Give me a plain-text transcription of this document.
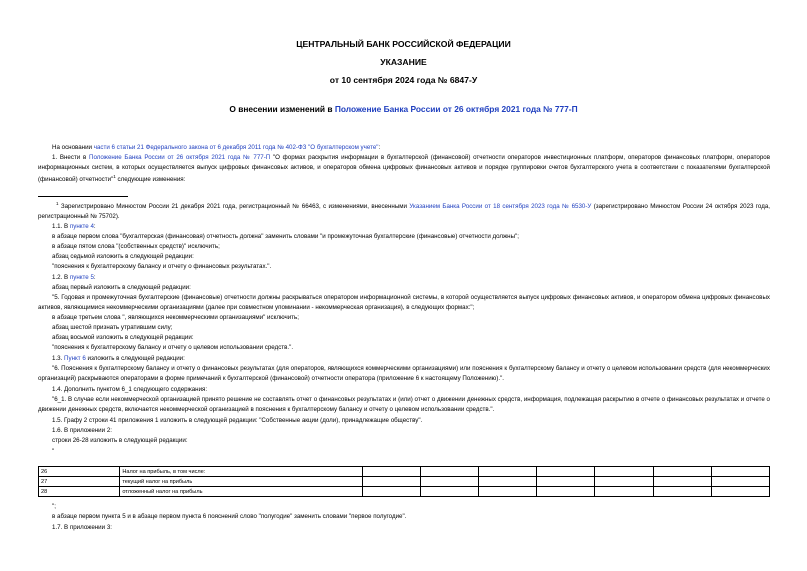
ЦЕНТРАЛЬНЫЙ БАНК РОССИЙСКОЙ ФЕДЕРАЦИИ
УКАЗАНИЕ
от 10 сентября 2024 года № 6847-У
О внесении изменений в Положение Банка России от 26 октября 2021 года № 777-П
На основании части 6 статьи 21 Федерального закона от 6 декабря 2011 года № 402-ФЗ "О бухгалтерском учете":
1. Внести в Положение Банка России от 26 октября 2021 года № 777-П "О формах раскрытия информации в бухгалтерской (финансовой) отчетности операторов инвестиционных платформ, операторов финансовых платформ, операторов информационных систем, в которых осуществляется выпуск цифровых финансовых активов, и операторов обмена цифровых финансовых активов и порядке группировки счетов бухгалтерского учета в соответствии с показателями бухгалтерской (финансовой) отчетности"$^1$ следующие изменения:
$^1$ Зарегистрировано Минюстом России 21 декабря 2021 года, регистрационный № 66463, с изменениями, внесенными Указанием Банка России от 18 сентября 2023 года № 6530-У (зарегистрировано Минюстом России 24 октября 2023 года, регистрационный № 75702).
1.1. В пункте 4:
в абзаце первом слова "бухгалтерская (финансовая) отчетность должна" заменить словами "и промежуточная бухгалтерские (финансовые) отчетности должны";
в абзаце пятом слова "(собственных средств)" исключить;
абзац седьмой изложить в следующей редакции:
"пояснения к бухгалтерскому балансу и отчету о финансовых результатах.".
1.2. В пункте 5:
абзац первый изложить в следующей редакции:
"5. Годовая и промежуточная бухгалтерские (финансовые) отчетности должны раскрываться оператором информационной системы, в которой осуществляется выпуск цифровых финансовых активов, и оператором обмена цифровых финансовых активов, являющимися некоммерческими организациями (далее при совместном упоминании - некоммерческая организация), в следующих формах:";
в абзаце третьем слова ", являющихся некоммерческими организациями" исключить;
абзац шестой признать утратившим силу;
абзац восьмой изложить в следующей редакции:
"пояснения к бухгалтерскому балансу и отчету о целевом использовании средств.".
1.3. Пункт 6 изложить в следующей редакции:
"6. Пояснения к бухгалтерскому балансу и отчету о финансовых результатах (для операторов, являющихся коммерческими организациями) или пояснения к бухгалтерскому балансу и отчету о целевом использовании средств (для некоммерческих организаций) раскрываются операторами в форме примечаний к бухгалтерской (финансовой) отчетности оператора (приложение 6 к настоящему Положению).".
1.4. Дополнить пунктом 6_1 следующего содержания:
"6_1. В случае если некоммерческой организацией принято решение не составлять отчет о финансовых результатах и (или) отчет о движении денежных средств, информация, подлежащая раскрытию в отчете о финансовых результатах и отчете о движении денежных средств, включается некоммерческой организацией в пояснения к бухгалтерскому балансу и отчету о целевом использовании средств.".
1.5. Графу 2 строки 41 приложения 1 изложить в следующей редакции: "Собственные акции (доли), принадлежащие обществу".
1.6. В приложении 2:
строки 26-28 изложить в следующей редакции:
"
26	Налог на прибыль, в том числе:							
27	текущий налог на прибыль							
28	отложенный налог на прибыль							
";
в абзаце первом пункта 5 и в абзаце первом пункта 6 пояснений слово "полугодие" заменить словами "первое полугодие".
1.7. В приложении 3:
